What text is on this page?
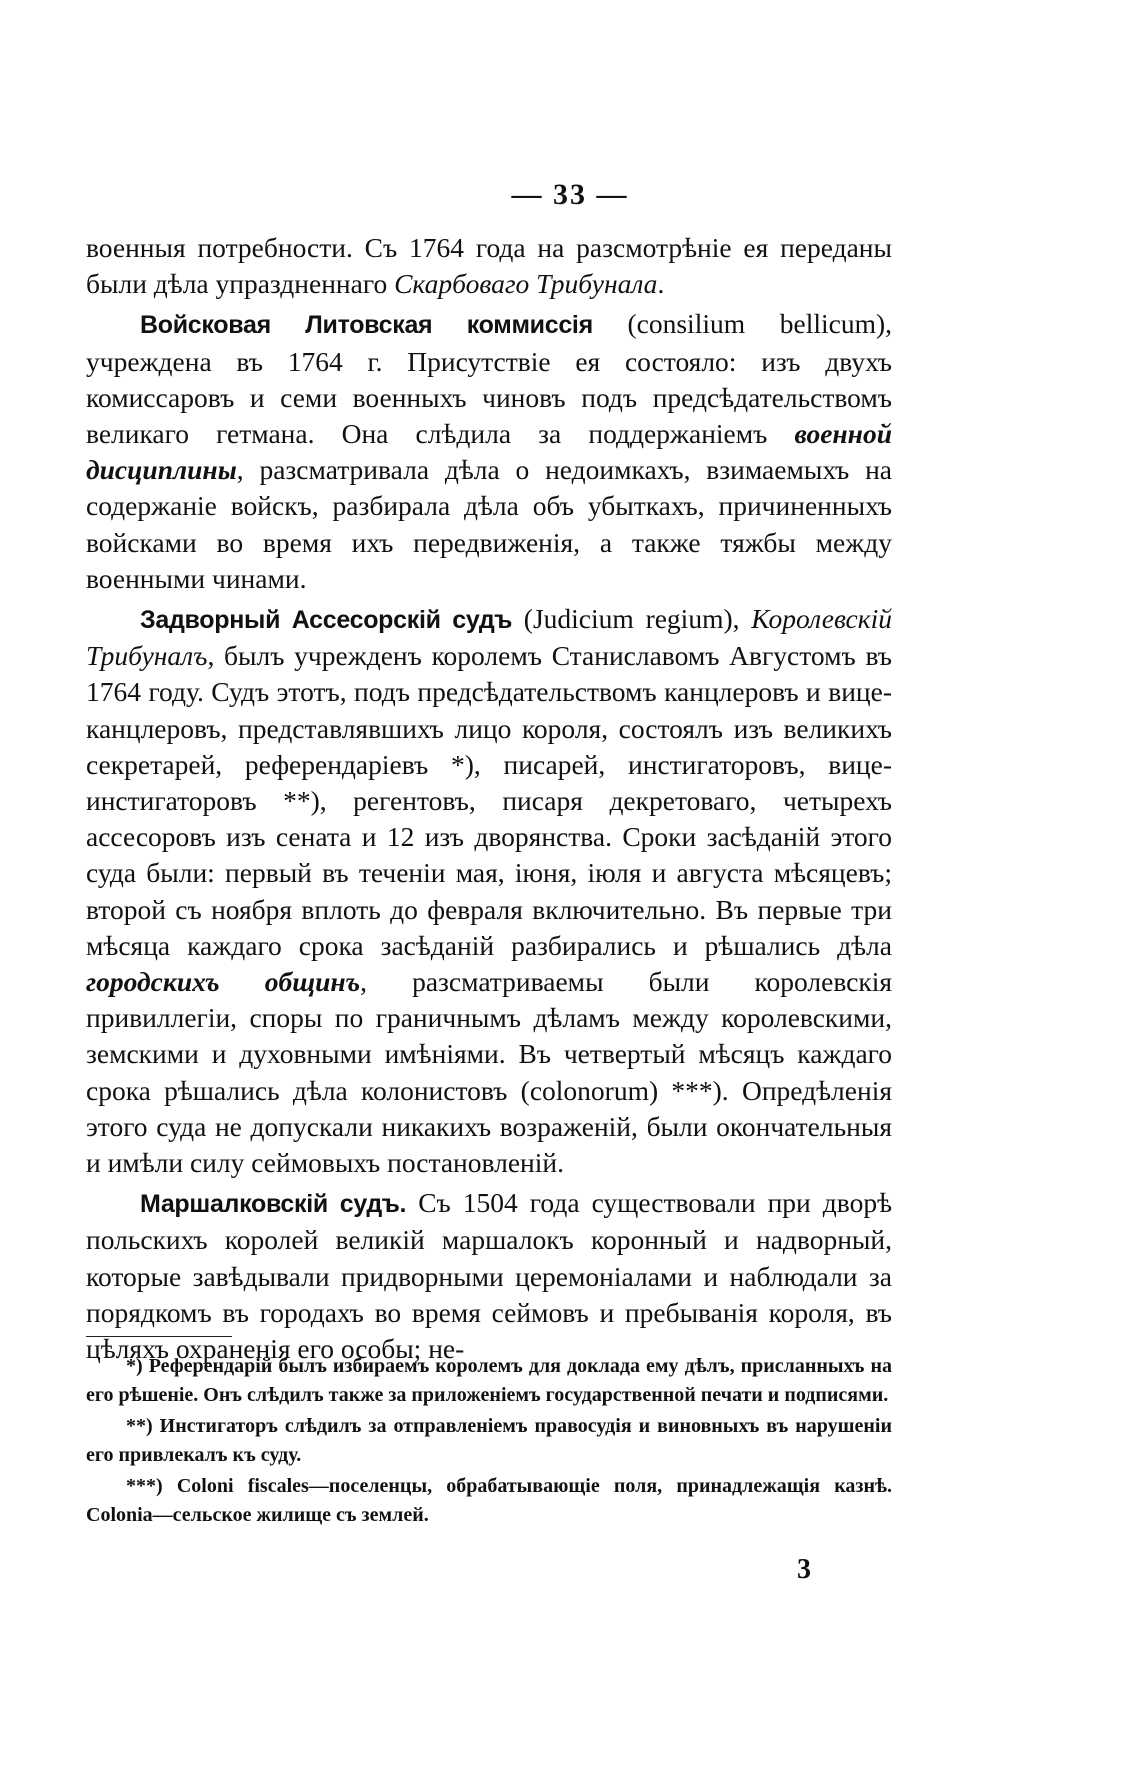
— 33 —

военныя потребности. Съ 1764 года на разсмотрѣніе ея переданы были дѣла упраздненнаго Скарбоваго Трибунала.

Войсковая Литовская коммиссія (consilium bellicum), учреждена въ 1764 г. Присутствіе ея состояло: изъ двухъ комиссаровъ и семи военныхъ чиновъ подъ предсѣдательствомъ великаго гетмана. Она слѣдила за поддержаніемъ военной дисциплины, разсматривала дѣла о недоимкахъ, взимаемыхъ на содержаніе войскъ, разбирала дѣла объ убыткахъ, причиненныхъ войсками во время ихъ передвиженія, а также тяжбы между военными чинами.

Задворный Ассесорскій судъ (Judicium regium), Королевскій Трибуналъ, былъ учрежденъ королемъ Станиславомъ Августомъ въ 1764 году. Судъ этотъ, подъ предсѣдательствомъ канцлеровъ и вице-канцлеровъ, представлявшихъ лицо короля, состоялъ изъ великихъ секретарей, референдаріевъ *), писарей, инстигаторовъ, вице-инстигаторовъ **), регентовъ, писаря декретоваго, четырехъ ассесоровъ изъ сената и 12 изъ дворянства. Сроки засѣданій этого суда были: первый въ теченіи мая, іюня, іюля и августа мѣсяцевъ; второй съ ноября вплоть до февраля включительно. Въ первые три мѣсяца каждаго срока засѣданій разбирались и рѣшались дѣла городскихъ общинъ, разсматриваемы были королевскія привиллегіи, споры по граничнымъ дѣламъ между королевскими, земскими и духовными имѣніями. Въ четвертый мѣсяцъ каждаго срока рѣшались дѣла колонистовъ (colonorum) ***). Опредѣленія этого суда не допускали никакихъ возраженій, были окончательныя и имѣли силу сеймовыхъ постановленій.

Маршалковскій судъ. Съ 1504 года существовали при дворѣ польскихъ королей великій маршалокъ коронный и надворный, которые завѣдывали придворными церемоніалами и наблюдали за порядкомъ въ городахъ во время сеймовъ и пребыванія короля, въ цѣляхъ охраненія его особы; не-

*) Референдарій былъ избираемъ королемъ для доклада ему дѣлъ, присланныхъ на его рѣшеніе. Онъ слѣдилъ также за приложеніемъ государственной печати и подписями.

**) Инстигаторъ слѣдилъ за отправленіемъ правосудія и виновныхъ въ нарушеніи его привлекалъ къ суду.

***) Coloni fiscales—поселенцы, обрабатывающіе поля, принадлежащія казнѣ. Colonia—сельское жилище съ землей.

3
